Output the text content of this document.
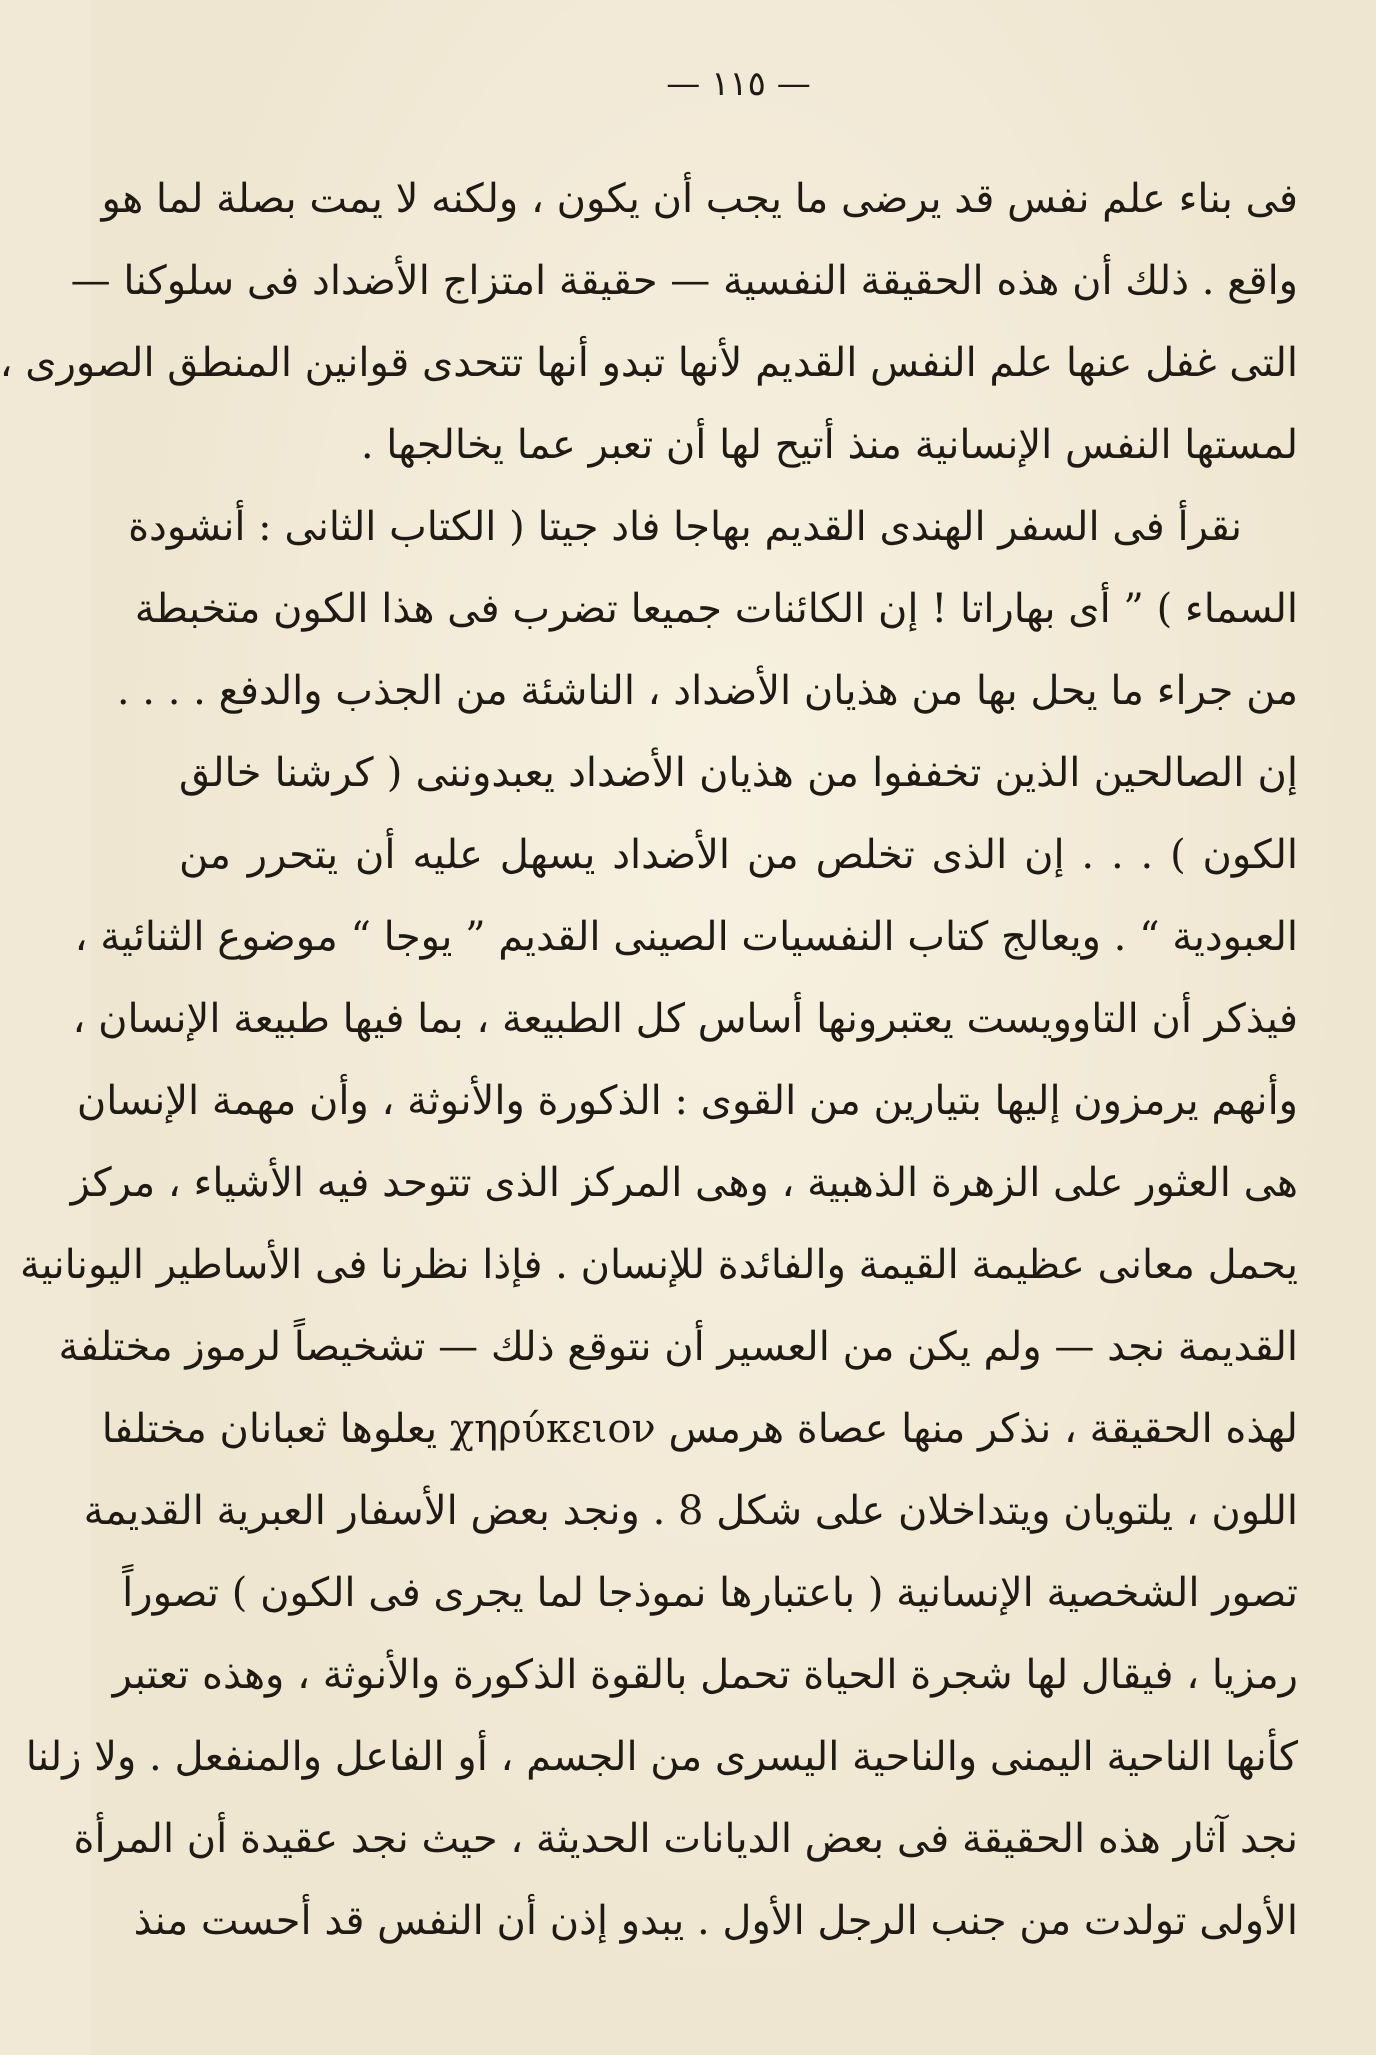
— ١١٥ —
فى بناء علم نفس قد يرضى ما يجب أن يكون ، ولكنه لا يمت بصلة لما هو
واقع . ذلك أن هذه الحقيقة النفسية — حقيقة امتزاج الأضداد فى سلوكنا —
التى غفل عنها علم النفس القديم لأنها تبدو أنها تتحدى قوانين المنطق الصورى ،
لمستها النفس الإنسانية منذ أتيح لها أن تعبر عما يخالجها .
نقرأ فى السفر الهندى القديم بهاجا فاد جيتا ( الكتاب الثانى : أنشودة
السماء ) ” أى بهاراتا ! إن الكائنات جميعا تضرب فى هذا الكون متخبطة
من جراء ما يحل بها من هذيان الأضداد ، الناشئة من الجذب والدفع . . . .
إن الصالحين الذين تخففوا من هذيان الأضداد يعبدوننى ( كرشنا خالق
الكون ) . . . إن الذى تخلص من الأضداد يسهل عليه أن يتحرر من
العبودية “ . ويعالج كتاب النفسيات الصينى القديم ” يوجا “ موضوع الثنائية ،
فيذكر أن التاوويست يعتبرونها أساس كل الطبيعة ، بما فيها طبيعة الإنسان ،
وأنهم يرمزون إليها بتيارين من القوى : الذكورة والأنوثة ، وأن مهمة الإنسان
هى العثور على الزهرة الذهبية ، وهى المركز الذى تتوحد فيه الأشياء ، مركز
يحمل معانى عظيمة القيمة والفائدة للإنسان . فإذا نظرنا فى الأساطير اليونانية
القديمة نجد — ولم يكن من العسير أن نتوقع ذلك — تشخيصاً لرموز مختلفة
لهذه الحقيقة ، نذكر منها عصاة هرمس χηρύκειον يعلوها ثعبانان مختلفا
اللون ، يلتويان ويتداخلان على شكل 8 . ونجد بعض الأسفار العبرية القديمة
تصور الشخصية الإنسانية ( باعتبارها نموذجا لما يجرى فى الكون ) تصوراً
رمزيا ، فيقال لها شجرة الحياة تحمل بالقوة الذكورة والأنوثة ، وهذه تعتبر
كأنها الناحية اليمنى والناحية اليسرى من الجسم ، أو الفاعل والمنفعل . ولا زلنا
نجد آثار هذه الحقيقة فى بعض الديانات الحديثة ، حيث نجد عقيدة أن المرأة
الأولى تولدت من جنب الرجل الأول . يبدو إذن أن النفس قد أحست منذ
